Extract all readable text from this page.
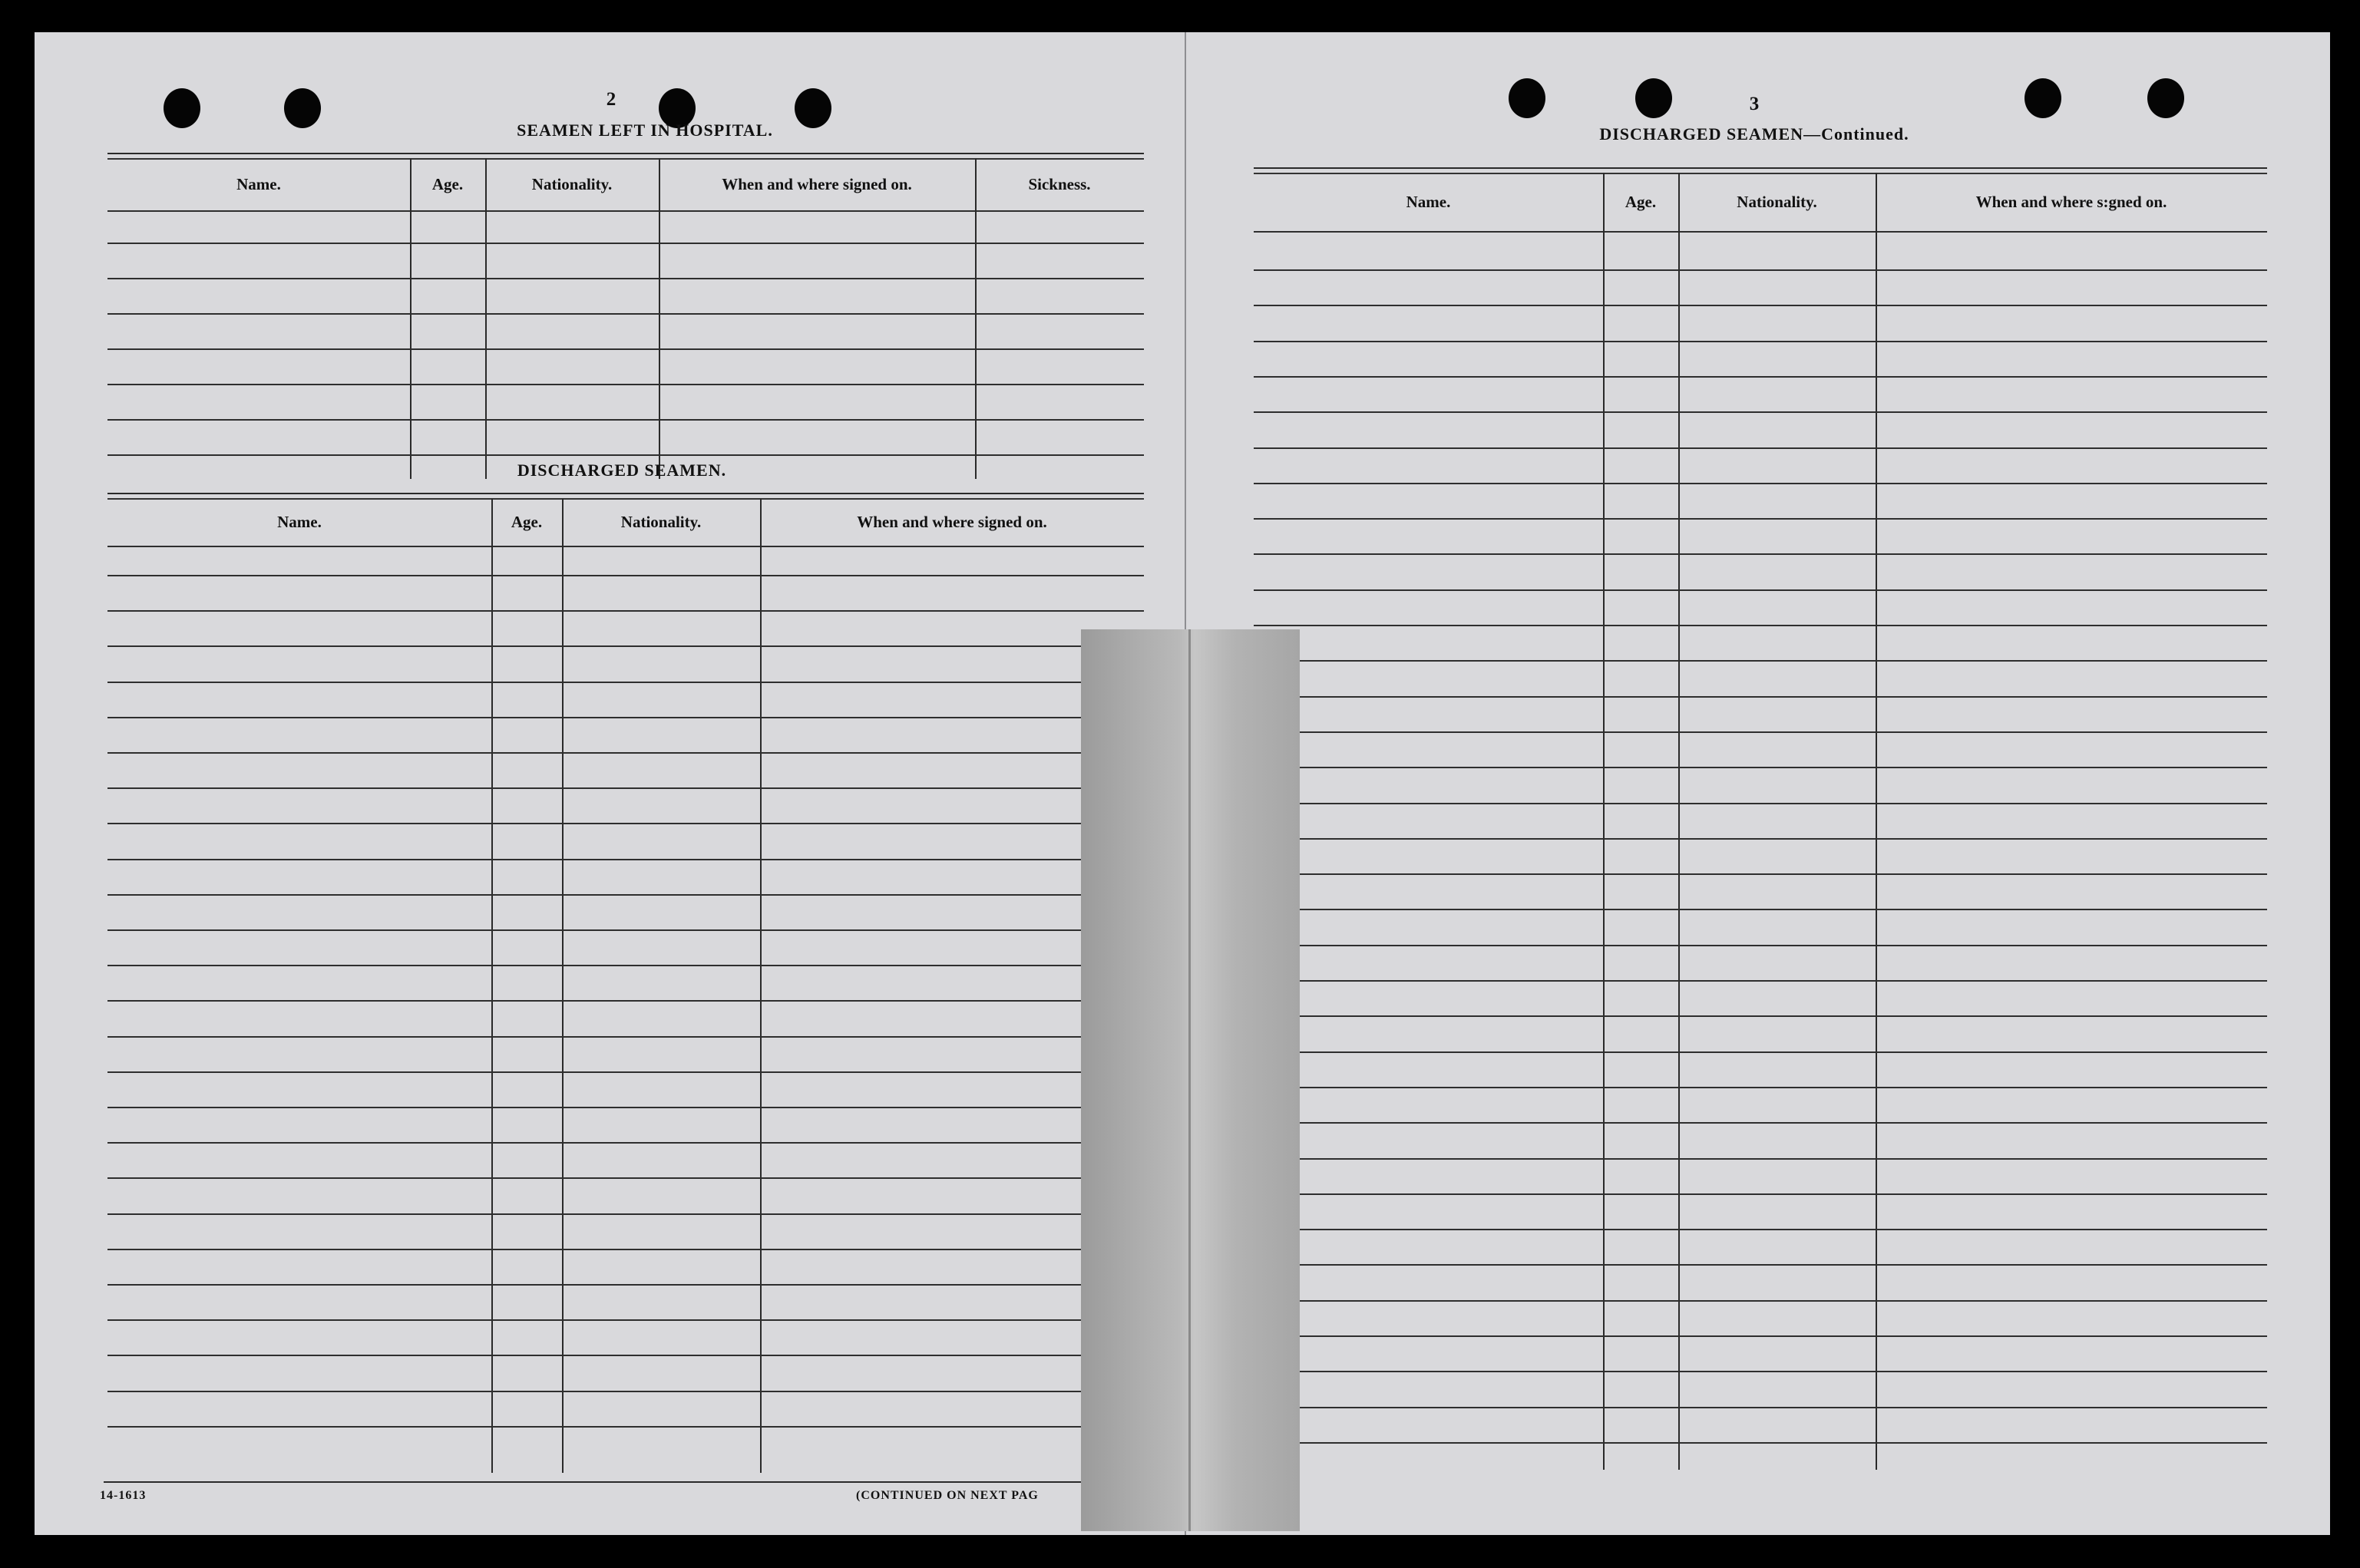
2
SEAMEN LEFT IN HOSPITAL.
Name.	Age.	Nationality.	When and where signed on.	Sickness.
DISCHARGED SEAMEN.
Name.	Age.	Nationality.	When and where signed on.
14-1613	(CONTINUED ON NEXT PAG
3
DISCHARGED SEAMEN—Continued.
Name.	Age.	Nationality.	When and where s:gned on.
